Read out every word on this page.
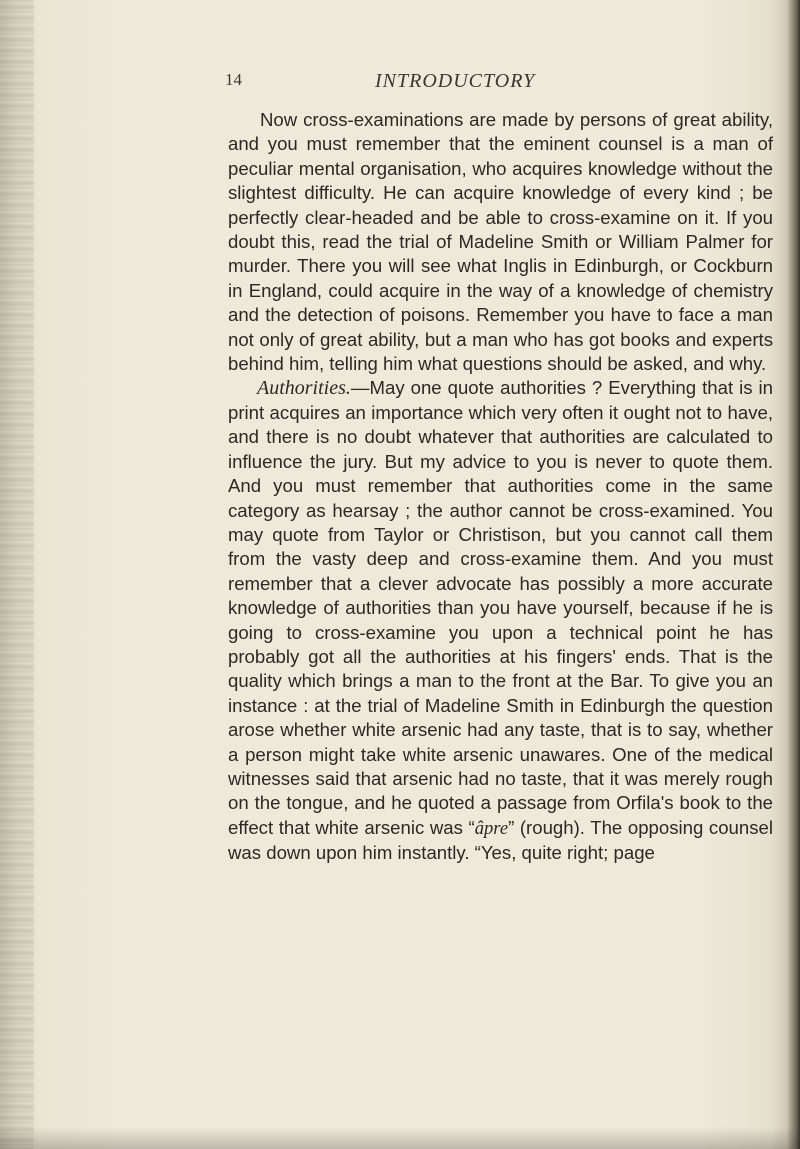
14	INTRODUCTORY

Now cross-examinations are made by persons of great ability, and you must remember that the eminent counsel is a man of peculiar mental organisation, who acquires knowledge without the slightest difficulty. He can acquire knowledge of every kind ; be perfectly clear-headed and be able to cross-examine on it. If you doubt this, read the trial of Madeline Smith or William Palmer for murder. There you will see what Inglis in Edinburgh, or Cockburn in England, could acquire in the way of a knowledge of chemistry and the detection of poisons. Remember you have to face a man not only of great ability, but a man who has got books and experts behind him, telling him what questions should be asked, and why.

Authorities.—May one quote authorities ? Everything that is in print acquires an importance which very often it ought not to have, and there is no doubt whatever that authorities are calculated to influence the jury. But my advice to you is never to quote them. And you must remember that authorities come in the same category as hearsay ; the author cannot be cross-examined. You may quote from Taylor or Christison, but you cannot call them from the vasty deep and cross-examine them. And you must remember that a clever advocate has possibly a more accurate knowledge of authorities than you have yourself, because if he is going to cross-examine you upon a technical point he has probably got all the authorities at his fingers' ends. That is the quality which brings a man to the front at the Bar. To give you an instance : at the trial of Madeline Smith in Edinburgh the question arose whether white arsenic had any taste, that is to say, whether a person might take white arsenic unawares. One of the medical witnesses said that arsenic had no taste, that it was merely rough on the tongue, and he quoted a passage from Orfila's book to the effect that white arsenic was “âpre” (rough). The opposing counsel was down upon him instantly. “Yes, quite right; page
